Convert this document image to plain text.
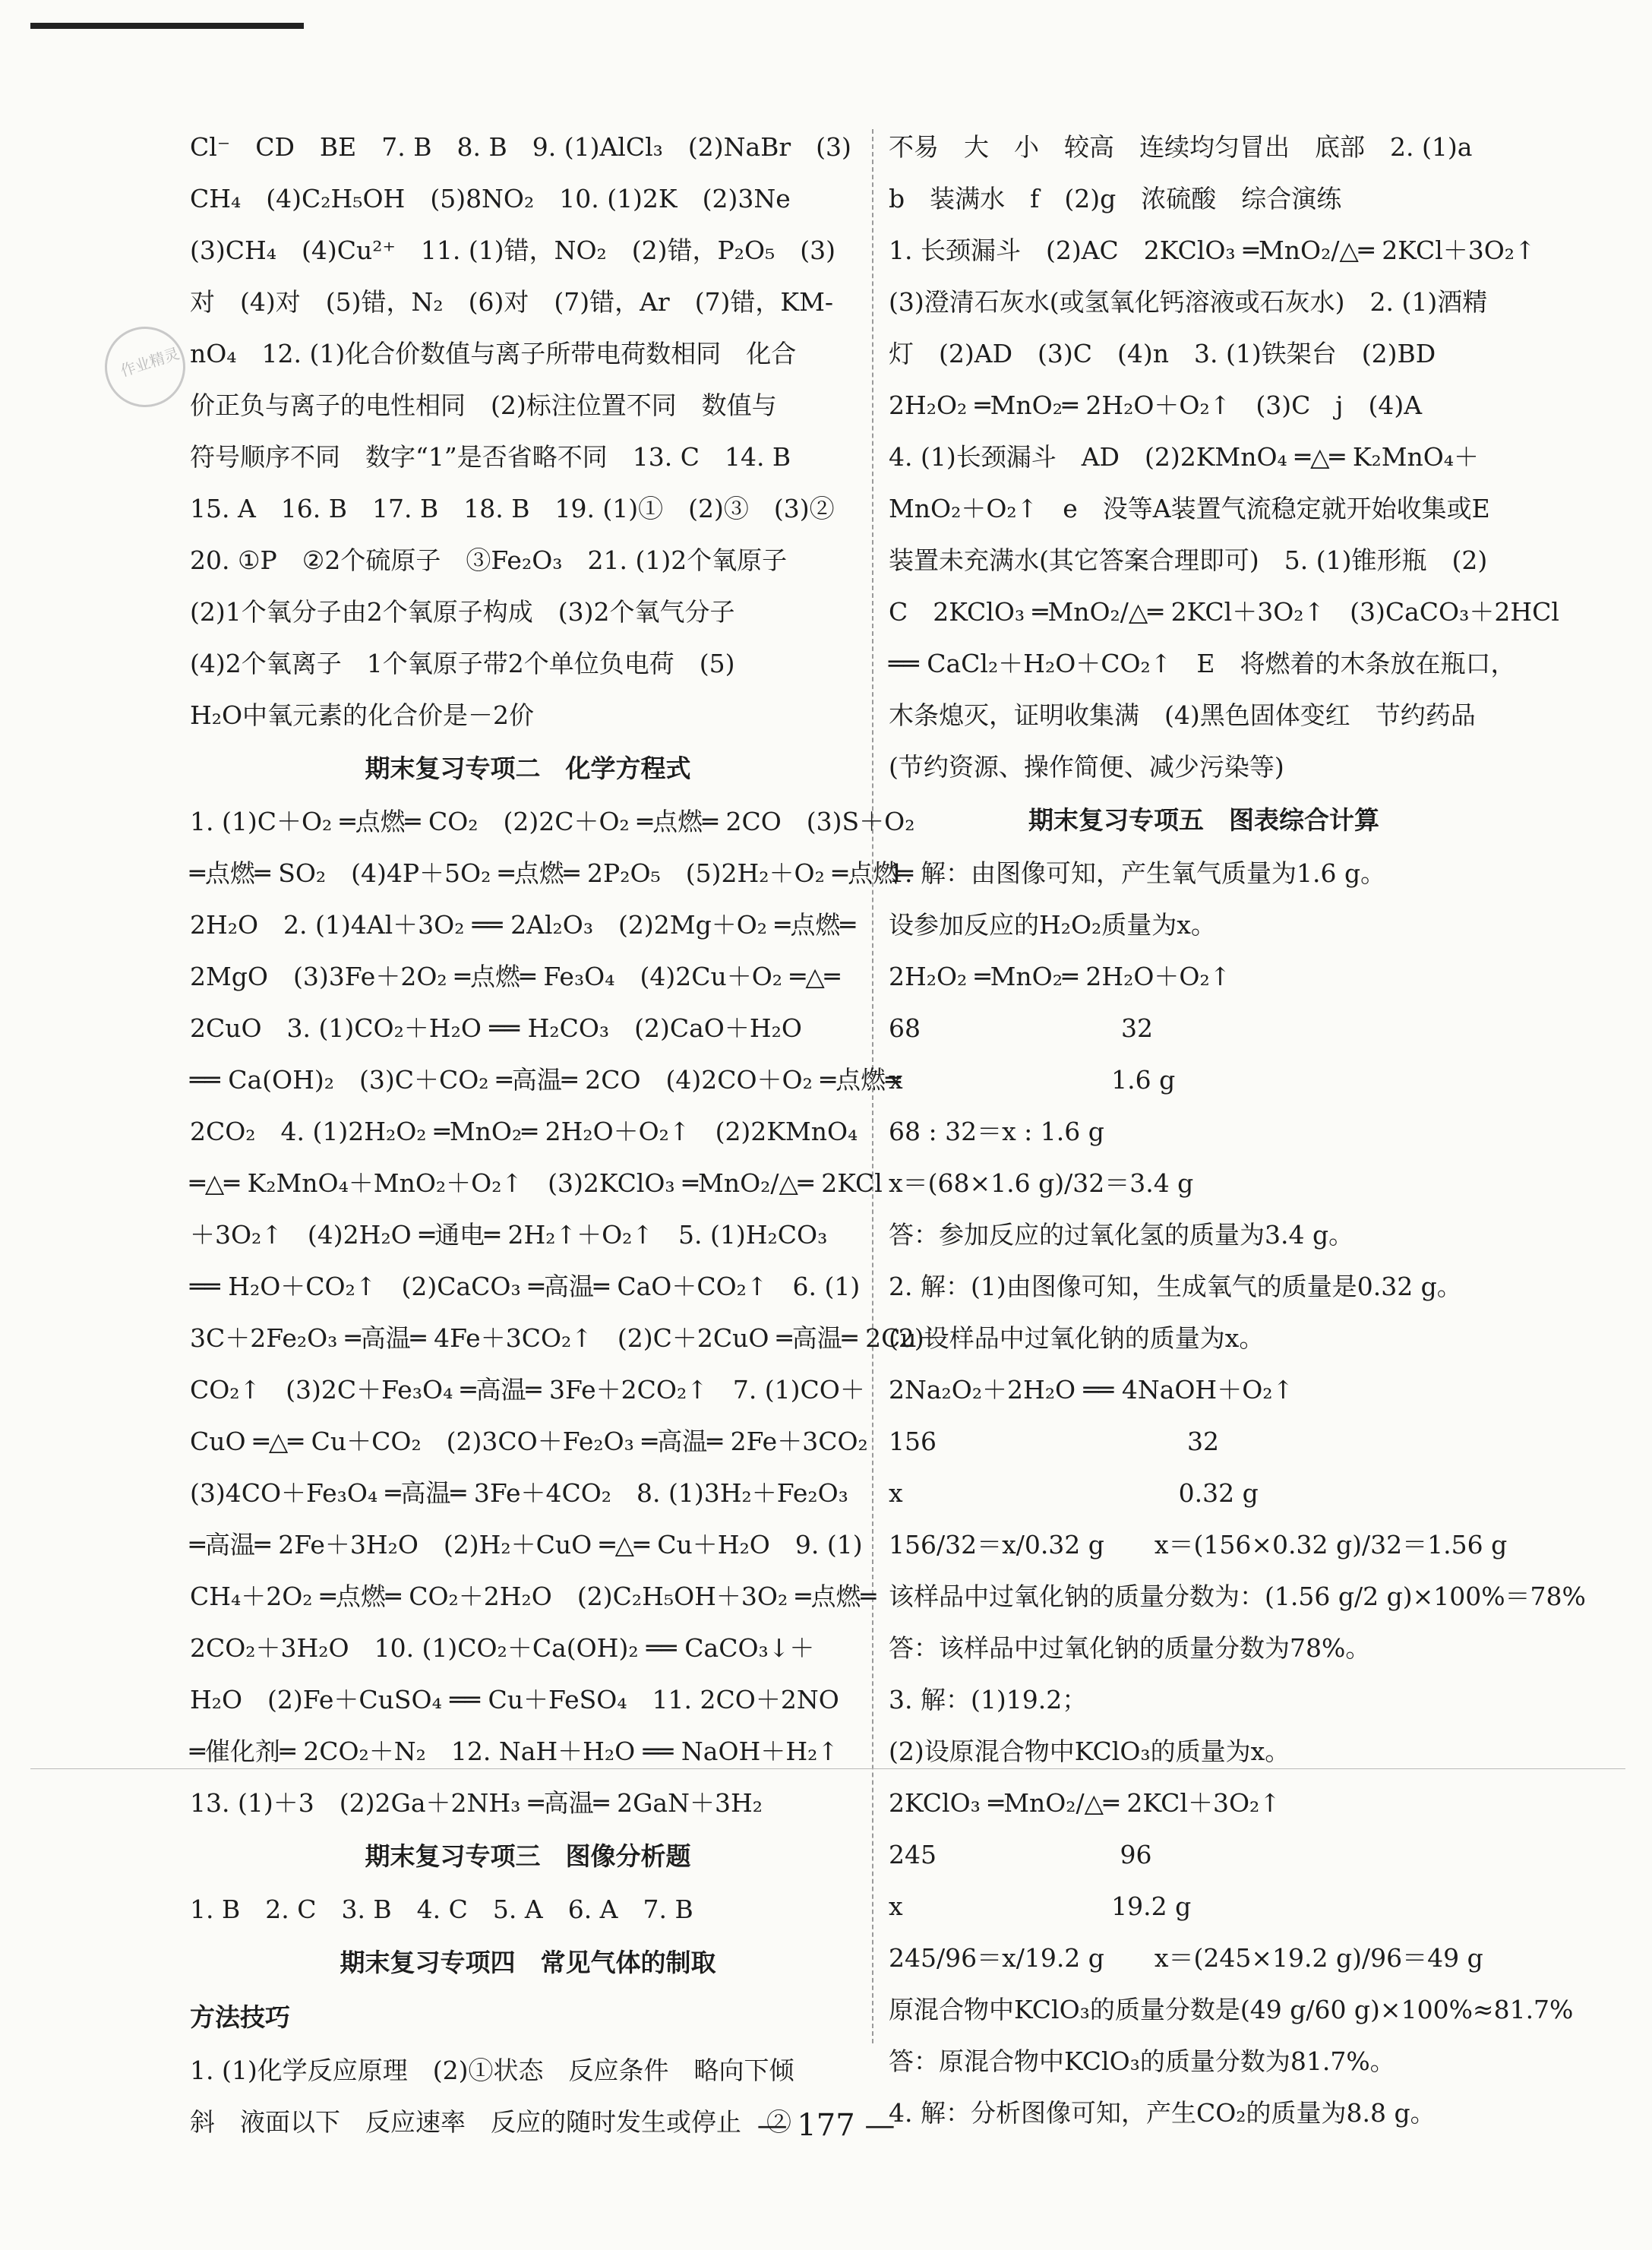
作业精灵
Cl⁻　CD　BE　7. B　8. B　9. (1)AlCl₃　(2)NaBr　(3)
CH₄　(4)C₂H₅OH　(5)8NO₂　10. (1)2K　(2)3Ne
(3)CH₄　(4)Cu²⁺　11. (1)错，NO₂　(2)错，P₂O₅　(3)
对　(4)对　(5)错，N₂　(6)对　(7)错，Ar　(7)错，KM-
nO₄　12. (1)化合价数值与离子所带电荷数相同　化合
价正负与离子的电性相同　(2)标注位置不同　数值与
符号顺序不同　数字“1”是否省略不同　13. C　14. B
15. A　16. B　17. B　18. B　19. (1)①　(2)③　(3)②
20. ①P　②2个硫原子　③Fe₂O₃　21. (1)2个氧原子
(2)1个氧分子由2个氧原子构成　(3)2个氧气分子
(4)2个氧离子　1个氧原子带2个单位负电荷　(5)
H₂O中氧元素的化合价是－2价
期末复习专项二　化学方程式
1. (1)C＋O₂ ═点燃═ CO₂　(2)2C＋O₂ ═点燃═ 2CO　(3)S＋O₂
═点燃═ SO₂　(4)4P＋5O₂ ═点燃═ 2P₂O₅　(5)2H₂＋O₂ ═点燃═
2H₂O　2. (1)4Al＋3O₂ ══ 2Al₂O₃　(2)2Mg＋O₂ ═点燃═
2MgO　(3)3Fe＋2O₂ ═点燃═ Fe₃O₄　(4)2Cu＋O₂ ═△═
2CuO　3. (1)CO₂＋H₂O ══ H₂CO₃　(2)CaO＋H₂O
══ Ca(OH)₂　(3)C＋CO₂ ═高温═ 2CO　(4)2CO＋O₂ ═点燃═
2CO₂　4. (1)2H₂O₂ ═MnO₂═ 2H₂O＋O₂↑　(2)2KMnO₄
═△═ K₂MnO₄＋MnO₂＋O₂↑　(3)2KClO₃ ═MnO₂/△═ 2KCl
＋3O₂↑　(4)2H₂O ═通电═ 2H₂↑＋O₂↑　5. (1)H₂CO₃
══ H₂O＋CO₂↑　(2)CaCO₃ ═高温═ CaO＋CO₂↑　6. (1)
3C＋2Fe₂O₃ ═高温═ 4Fe＋3CO₂↑　(2)C＋2CuO ═高温═ 2Cu＋
CO₂↑　(3)2C＋Fe₃O₄ ═高温═ 3Fe＋2CO₂↑　7. (1)CO＋
CuO ═△═ Cu＋CO₂　(2)3CO＋Fe₂O₃ ═高温═ 2Fe＋3CO₂
(3)4CO＋Fe₃O₄ ═高温═ 3Fe＋4CO₂　8. (1)3H₂＋Fe₂O₃
═高温═ 2Fe＋3H₂O　(2)H₂＋CuO ═△═ Cu＋H₂O　9. (1)
CH₄＋2O₂ ═点燃═ CO₂＋2H₂O　(2)C₂H₅OH＋3O₂ ═点燃═
2CO₂＋3H₂O　10. (1)CO₂＋Ca(OH)₂ ══ CaCO₃↓＋
H₂O　(2)Fe＋CuSO₄ ══ Cu＋FeSO₄　11. 2CO＋2NO
═催化剂═ 2CO₂＋N₂　12. NaH＋H₂O ══ NaOH＋H₂↑
13. (1)＋3　(2)2Ga＋2NH₃ ═高温═ 2GaN＋3H₂
期末复习专项三　图像分析题
1. B　2. C　3. B　4. C　5. A　6. A　7. B
期末复习专项四　常见气体的制取
方法技巧
1. (1)化学反应原理　(2)①状态　反应条件　略向下倾
斜　液面以下　反应速率　反应的随时发生或停止　②
不易　大　小　较高　连续均匀冒出　底部　2. (1)a
b　装满水　f　(2)g　浓硫酸　综合演练
1. 长颈漏斗　(2)AC　2KClO₃ ═MnO₂/△═ 2KCl＋3O₂↑
(3)澄清石灰水(或氢氧化钙溶液或石灰水)　2. (1)酒精
灯　(2)AD　(3)C　(4)n　3. (1)铁架台　(2)BD
2H₂O₂ ═MnO₂═ 2H₂O＋O₂↑　(3)C　j　(4)A
4. (1)长颈漏斗　AD　(2)2KMnO₄ ═△═ K₂MnO₄＋
MnO₂＋O₂↑　e　没等A装置气流稳定就开始收集或E
装置未充满水(其它答案合理即可)　5. (1)锥形瓶　(2)
C　2KClO₃ ═MnO₂/△═ 2KCl＋3O₂↑　(3)CaCO₃＋2HCl
══ CaCl₂＋H₂O＋CO₂↑　E　将燃着的木条放在瓶口，
木条熄灭，证明收集满　(4)黑色固体变红　节约药品
(节约资源、操作简便、减少污染等)
期末复习专项五　图表综合计算
1. 解：由图像可知，产生氧气质量为1.6 g。
设参加反应的H₂O₂质量为x。
2H₂O₂ ═MnO₂═ 2H₂O＋O₂↑
68　　　　　　　　32
x　　　　　　　　 1.6 g
68 : 32＝x : 1.6 g
x＝(68×1.6 g)/32＝3.4 g
答：参加反应的过氧化氢的质量为3.4 g。
2. 解：(1)由图像可知，生成氧气的质量是0.32 g。
(2)设样品中过氧化钠的质量为x。
2Na₂O₂＋2H₂O ══ 4NaOH＋O₂↑
156　　　　　　　　　　32
x　　　　　　　　　　　0.32 g
156/32＝x/0.32 g　　x＝(156×0.32 g)/32＝1.56 g
该样品中过氧化钠的质量分数为：(1.56 g/2 g)×100%＝78%
答：该样品中过氧化钠的质量分数为78%。
3. 解：(1)19.2；
(2)设原混合物中KClO₃的质量为x。
2KClO₃ ═MnO₂/△═ 2KCl＋3O₂↑
245　　　　　　　 96
x　　　　　　　　 19.2 g
245/96＝x/19.2 g　　x＝(245×19.2 g)/96＝49 g
原混合物中KClO₃的质量分数是(49 g/60 g)×100%≈81.7%
答：原混合物中KClO₃的质量分数为81.7%。
4. 解：分析图像可知，产生CO₂的质量为8.8 g。
— 177 —
